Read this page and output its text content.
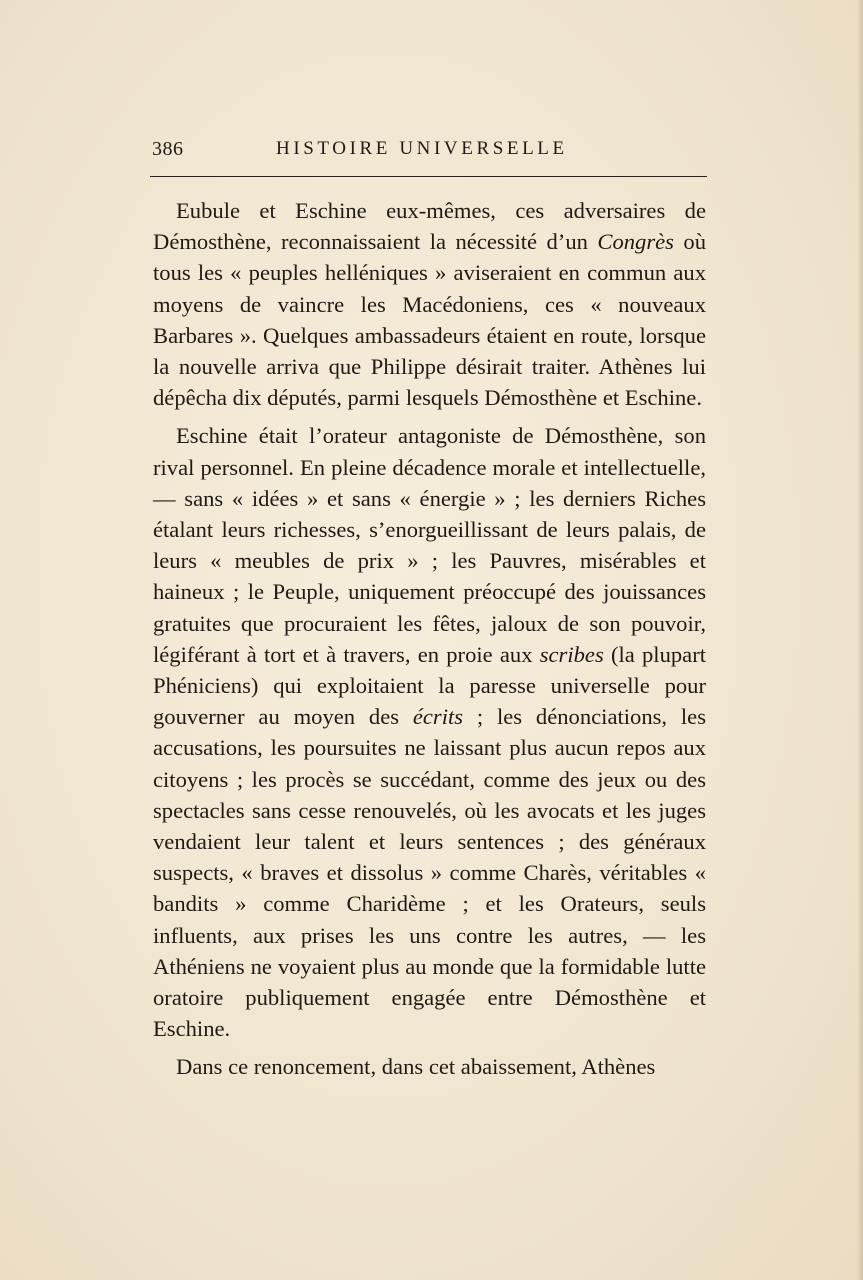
386	HISTOIRE UNIVERSELLE

Eubule et Eschine eux-mêmes, ces adversaires de Démosthène, reconnaissaient la nécessité d’un Congrès où tous les « peuples helléniques » aviseraient en commun aux moyens de vaincre les Macédoniens, ces « nouveaux Barbares ». Quelques ambassadeurs étaient en route, lorsque la nouvelle arriva que Philippe désirait traiter. Athènes lui dépêcha dix députés, parmi lesquels Démosthène et Eschine.

Eschine était l’orateur antagoniste de Démosthène, son rival personnel. En pleine décadence morale et intellectuelle, — sans « idées » et sans « énergie » ; les derniers Riches étalant leurs richesses, s’enorgueillissant de leurs palais, de leurs « meubles de prix » ; les Pauvres, misérables et haineux ; le Peuple, uniquement préoccupé des jouissances gratuites que procuraient les fêtes, jaloux de son pouvoir, légiférant à tort et à travers, en proie aux scribes (la plupart Phéniciens) qui exploitaient la paresse universelle pour gouverner au moyen des écrits ; les dénonciations, les accusations, les poursuites ne laissant plus aucun repos aux citoyens ; les procès se succédant, comme des jeux ou des spectacles sans cesse renouvelés, où les avocats et les juges vendaient leur talent et leurs sentences ; des généraux suspects, « braves et dissolus » comme Charès, véritables « bandits » comme Charidème ; et les Orateurs, seuls influents, aux prises les uns contre les autres, — les Athéniens ne voyaient plus au monde que la formidable lutte oratoire publiquement engagée entre Démosthène et Eschine.

Dans ce renoncement, dans cet abaissement, Athènes
